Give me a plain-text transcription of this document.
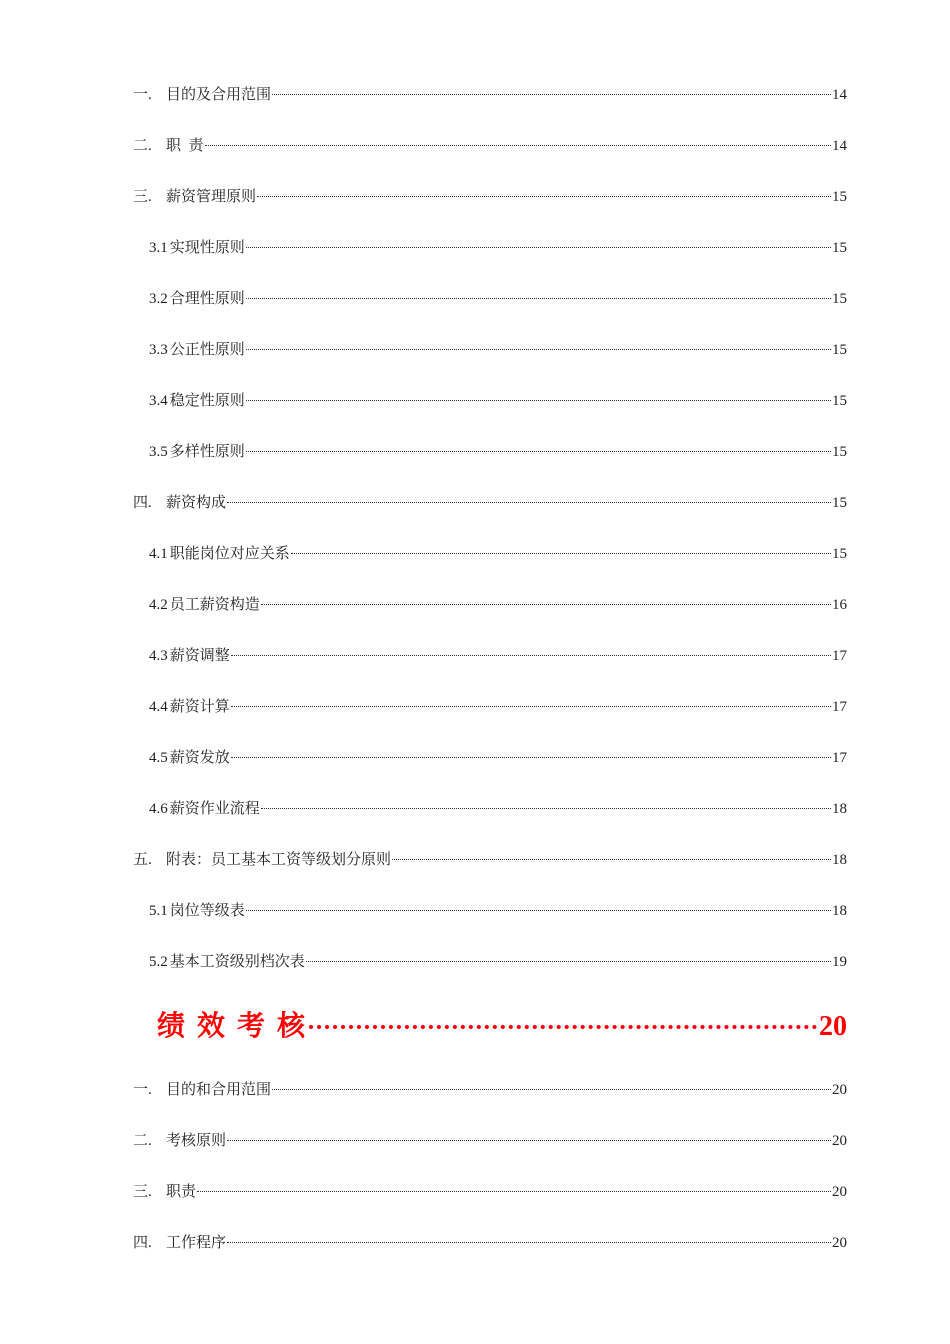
一. 目的及合用范围	14
二. 职  责	14
三. 薪资管理原则	15
3.1 实现性原则	15
3.2 合理性原则	15
3.3 公正性原则	15
3.4 稳定性原则	15
3.5 多样性原则	15
四. 薪资构成	15
4.1 职能岗位对应关系	15
4.2 员工薪资构造	16
4.3 薪资调整	17
4.4 薪资计算	17
4.5 薪资发放	17
4.6 薪资作业流程	18
五. 附表：员工基本工资等级划分原则	18
5.1 岗位等级表	18
5.2 基本工资级别档次表	19
绩效考核	20
一. 目的和合用范围	20
二. 考核原则	20
三. 职责	20
四. 工作程序	20
